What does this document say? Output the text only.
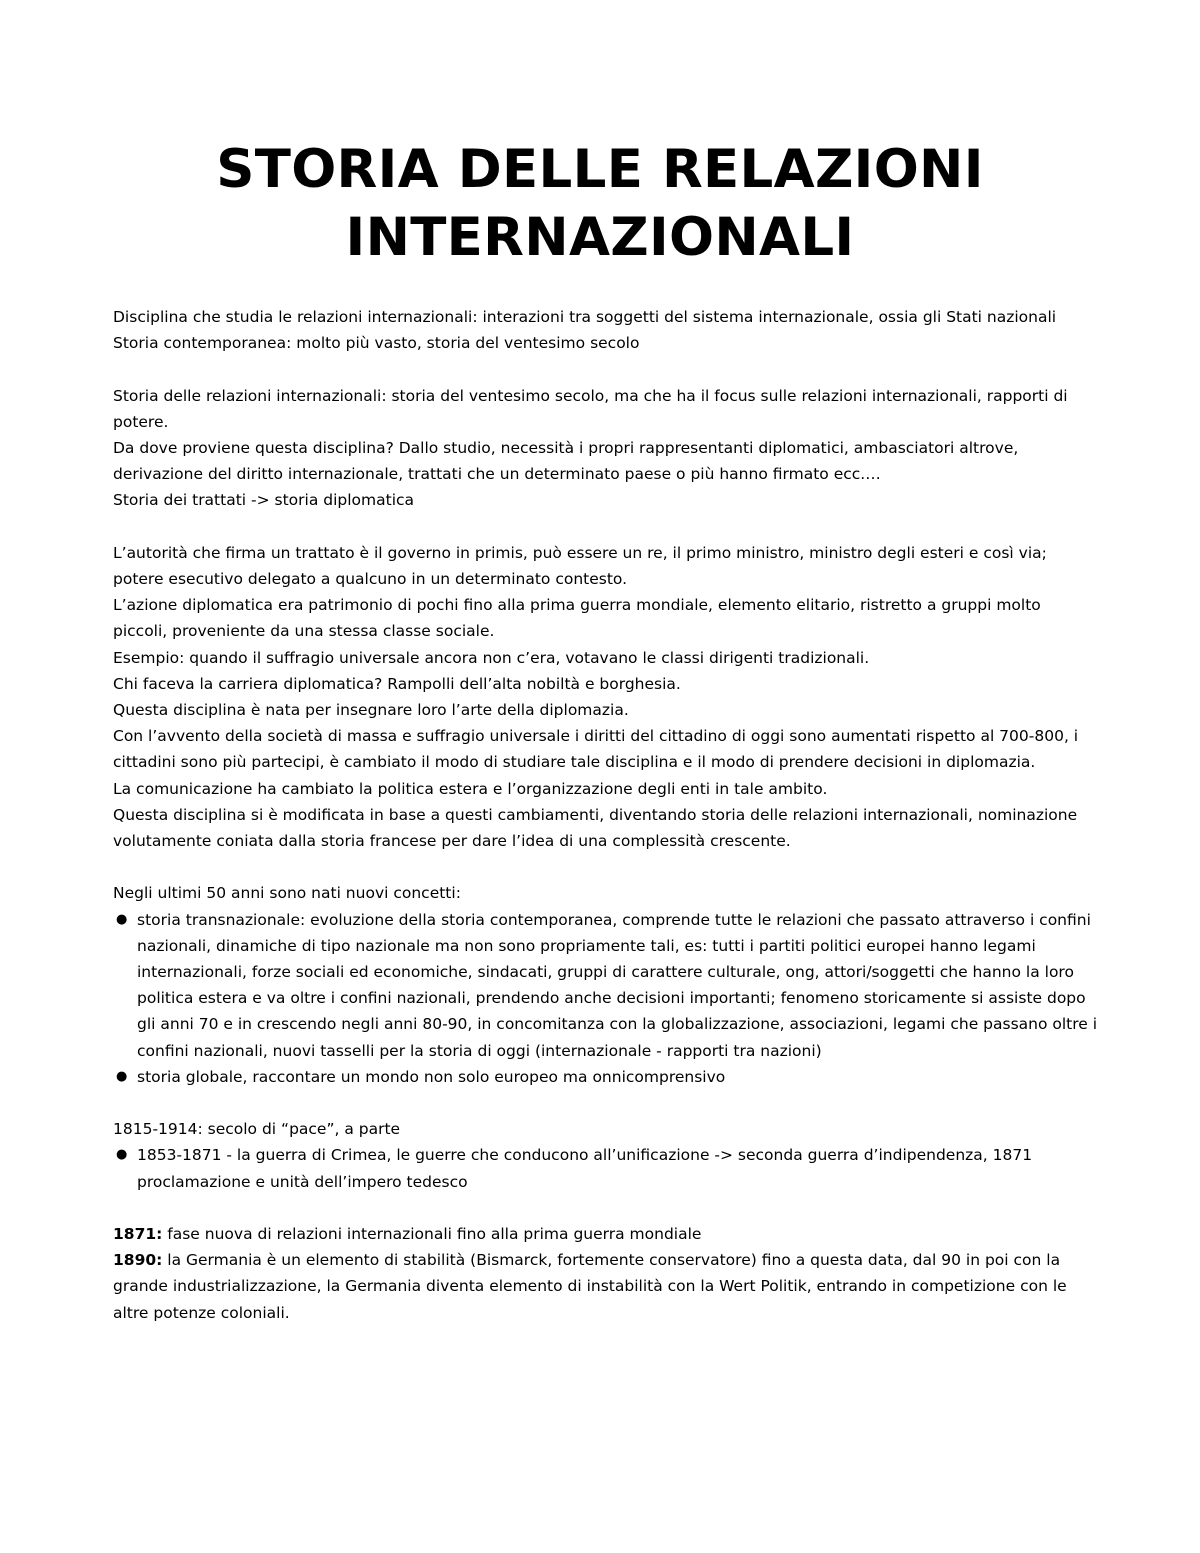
STORIA DELLE RELAZIONI
INTERNAZIONALI

Disciplina che studia le relazioni internazionali: interazioni tra soggetti del sistema internazionale, ossia gli Stati nazionali

Storia contemporanea: molto più vasto, storia del ventesimo secolo

Storia delle relazioni internazionali: storia del ventesimo secolo, ma che ha il focus sulle relazioni internazionali, rapporti di potere.

Da dove proviene questa disciplina? Dallo studio, necessità i propri rappresentanti diplomatici, ambasciatori altrove, derivazione del diritto internazionale, trattati che un determinato paese o più hanno firmato ecc.…

Storia dei trattati -> storia diplomatica

L’autorità che firma un trattato è il governo in primis, può essere un re, il primo ministro, ministro degli esteri e così via; potere esecutivo delegato a qualcuno in un determinato contesto.

L’azione diplomatica era patrimonio di pochi fino alla prima guerra mondiale, elemento elitario, ristretto a gruppi molto piccoli, proveniente da una stessa classe sociale.

Esempio: quando il suffragio universale ancora non c’era, votavano le classi dirigenti tradizionali.

Chi faceva la carriera diplomatica? Rampolli dell’alta nobiltà e borghesia.

Questa disciplina è nata per insegnare loro l’arte della diplomazia.

Con l’avvento della società di massa e suffragio universale i diritti del cittadino di oggi sono aumentati rispetto al 700-800, i cittadini sono più partecipi, è cambiato il modo di studiare tale disciplina e il modo di prendere decisioni in diplomazia.

La comunicazione ha cambiato la politica estera e l’organizzazione degli enti in tale ambito.

Questa disciplina si è modificata in base a questi cambiamenti, diventando storia delle relazioni internazionali, nominazione volutamente coniata dalla storia francese per dare l’idea di una complessità crescente.

Negli ultimi 50 anni sono nati nuovi concetti:

● storia transnazionale: evoluzione della storia contemporanea, comprende tutte le relazioni che passato attraverso i confini nazionali, dinamiche di tipo nazionale ma non sono propriamente tali, es: tutti i partiti politici europei hanno legami internazionali, forze sociali ed economiche, sindacati, gruppi di carattere culturale, ong, attori/soggetti che hanno la loro politica estera e va oltre i confini nazionali, prendendo anche decisioni importanti; fenomeno storicamente si assiste dopo gli anni 70 e in crescendo negli anni 80-90, in concomitanza con la globalizzazione, associazioni, legami che passano oltre i confini nazionali, nuovi tasselli per la storia di oggi (internazionale - rapporti tra nazioni)
● storia globale, raccontare un mondo non solo europeo ma onnicomprensivo

1815-1914: secolo di “pace”, a parte

● 1853-1871 - la guerra di Crimea, le guerre che conducono all’unificazione -> seconda guerra d’indipendenza, 1871 proclamazione e unità dell’impero tedesco

1871: fase nuova di relazioni internazionali fino alla prima guerra mondiale

1890: la Germania è un elemento di stabilità (Bismarck, fortemente conservatore) fino a questa data, dal 90 in poi con la grande industrializzazione, la Germania diventa elemento di instabilità con la Wert Politik, entrando in competizione con le altre potenze coloniali.
